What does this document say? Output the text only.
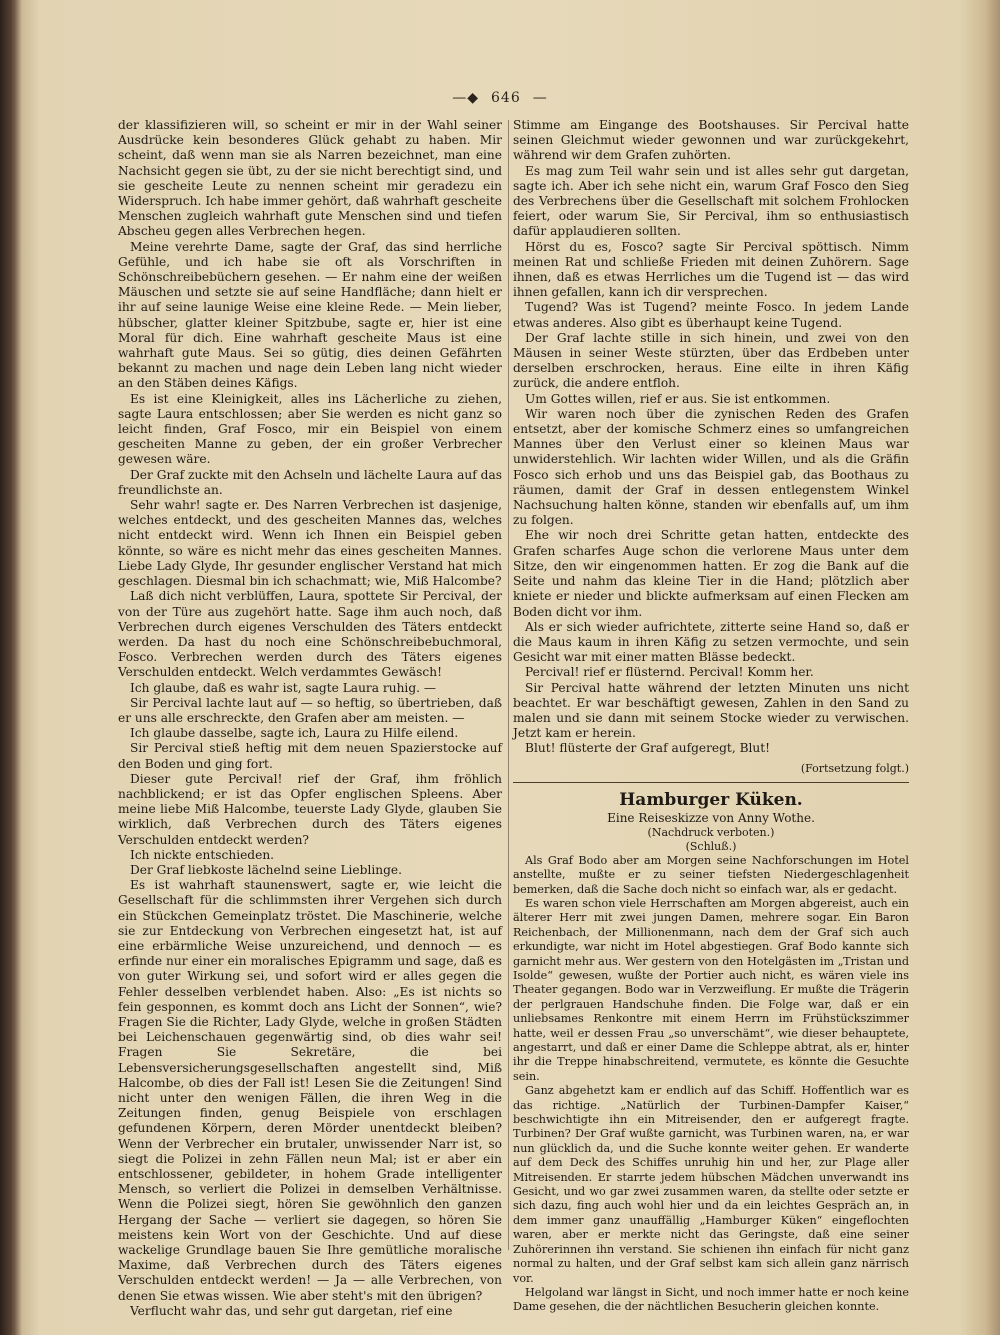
—◆ 646 —

der klassifizieren will, so scheint er mir in der Wahl seiner Ausdrücke kein besonderes Glück gehabt zu haben. Mir scheint, daß wenn man sie als Narren bezeichnet, man eine Nachsicht gegen sie übt, zu der sie nicht berechtigt sind, und sie gescheite Leute zu nennen scheint mir geradezu ein Widerspruch. Ich habe immer gehört, daß wahrhaft gescheite Menschen zugleich wahrhaft gute Menschen sind und tiefen Abscheu gegen alles Verbrechen hegen.

Meine verehrte Dame, sagte der Graf, das sind herrliche Gefühle, und ich habe sie oft als Vorschriften in Schönschreibebüchern gesehen. — Er nahm eine der weißen Mäuschen und setzte sie auf seine Handfläche; dann hielt er ihr auf seine launige Weise eine kleine Rede. — Mein lieber, hübscher, glatter kleiner Spitzbube, sagte er, hier ist eine Moral für dich. Eine wahrhaft gescheite Maus ist eine wahrhaft gute Maus. Sei so gütig, dies deinen Gefährten bekannt zu machen und nage dein Leben lang nicht wieder an den Stäben deines Käfigs.

Es ist eine Kleinigkeit, alles ins Lächerliche zu ziehen, sagte Laura entschlossen; aber Sie werden es nicht ganz so leicht finden, Graf Fosco, mir ein Beispiel von einem gescheiten Manne zu geben, der ein großer Verbrecher gewesen wäre.

Der Graf zuckte mit den Achseln und lächelte Laura auf das freundlichste an.

Sehr wahr! sagte er. Des Narren Verbrechen ist dasjenige, welches entdeckt, und des gescheiten Mannes das, welches nicht entdeckt wird. Wenn ich Ihnen ein Beispiel geben könnte, so wäre es nicht mehr das eines gescheiten Mannes. Liebe Lady Glyde, Ihr gesunder englischer Verstand hat mich geschlagen. Diesmal bin ich schachmatt; wie, Miß Halcombe?

Laß dich nicht verblüffen, Laura, spottete Sir Percival, der von der Türe aus zugehört hatte. Sage ihm auch noch, daß Verbrechen durch eigenes Verschulden des Täters entdeckt werden. Da hast du noch eine Schönschreibebuchmoral, Fosco. Verbrechen werden durch des Täters eigenes Verschulden entdeckt. Welch verdammtes Gewäsch!

Ich glaube, daß es wahr ist, sagte Laura ruhig. —

Sir Percival lachte laut auf — so heftig, so übertrieben, daß er uns alle erschreckte, den Grafen aber am meisten. —

Ich glaube dasselbe, sagte ich, Laura zu Hilfe eilend.

Sir Percival stieß heftig mit dem neuen Spazierstocke auf den Boden und ging fort.

Dieser gute Percival! rief der Graf, ihm fröhlich nachblickend; er ist das Opfer englischen Spleens. Aber meine liebe Miß Halcombe, teuerste Lady Glyde, glauben Sie wirklich, daß Verbrechen durch des Täters eigenes Verschulden entdeckt werden?

Ich nickte entschieden.

Der Graf liebkoste lächelnd seine Lieblinge.

Es ist wahrhaft staunenswert, sagte er, wie leicht die Gesellschaft für die schlimmsten ihrer Vergehen sich durch ein Stückchen Gemeinplatz tröstet. Die Maschinerie, welche sie zur Entdeckung von Verbrechen eingesetzt hat, ist auf eine erbärmliche Weise unzureichend, und dennoch — es erfinde nur einer ein moralisches Epigramm und sage, daß es von guter Wirkung sei, und sofort wird er alles gegen die Fehler desselben verblendet haben. Also: „Es ist nichts so fein gesponnen, es kommt doch ans Licht der Sonnen“, wie? Fragen Sie die Richter, Lady Glyde, welche in großen Städten bei Leichenschauen gegenwärtig sind, ob dies wahr sei! Fragen Sie Sekretäre, die bei Lebensversicherungsgesellschaften angestellt sind, Miß Halcombe, ob dies der Fall ist! Lesen Sie die Zeitungen! Sind nicht unter den wenigen Fällen, die ihren Weg in die Zeitungen finden, genug Beispiele von erschlagen gefundenen Körpern, deren Mörder unentdeckt bleiben? Wenn der Verbrecher ein brutaler, unwissender Narr ist, so siegt die Polizei in zehn Fällen neun Mal; ist er aber ein entschlossener, gebildeter, in hohem Grade intelligenter Mensch, so verliert die Polizei in demselben Verhältnisse. Wenn die Polizei siegt, hören Sie gewöhnlich den ganzen Hergang der Sache — verliert sie dagegen, so hören Sie meistens kein Wort von der Geschichte. Und auf diese wackelige Grundlage bauen Sie Ihre gemütliche moralische Maxime, daß Verbrechen durch des Täters eigenes Verschulden entdeckt werden! — Ja — alle Verbrechen, von denen Sie etwas wissen. Wie aber steht's mit den übrigen?

Verflucht wahr das, und sehr gut dargetan, rief eine

Stimme am Eingange des Bootshauses. Sir Percival hatte seinen Gleichmut wieder gewonnen und war zurückgekehrt, während wir dem Grafen zuhörten.

Es mag zum Teil wahr sein und ist alles sehr gut dargetan, sagte ich. Aber ich sehe nicht ein, warum Graf Fosco den Sieg des Verbrechens über die Gesellschaft mit solchem Frohlocken feiert, oder warum Sie, Sir Percival, ihm so enthusiastisch dafür applaudieren sollten.

Hörst du es, Fosco? sagte Sir Percival spöttisch. Nimm meinen Rat und schließe Frieden mit deinen Zuhörern. Sage ihnen, daß es etwas Herrliches um die Tugend ist — das wird ihnen gefallen, kann ich dir versprechen.

Tugend? Was ist Tugend? meinte Fosco. In jedem Lande etwas anderes. Also gibt es überhaupt keine Tugend.

Der Graf lachte stille in sich hinein, und zwei von den Mäusen in seiner Weste stürzten, über das Erdbeben unter derselben erschrocken, heraus. Eine eilte in ihren Käfig zurück, die andere entfloh.

Um Gottes willen, rief er aus. Sie ist entkommen.

Wir waren noch über die zynischen Reden des Grafen entsetzt, aber der komische Schmerz eines so umfangreichen Mannes über den Verlust einer so kleinen Maus war unwiderstehlich. Wir lachten wider Willen, und als die Gräfin Fosco sich erhob und uns das Beispiel gab, das Boothaus zu räumen, damit der Graf in dessen entlegenstem Winkel Nachsuchung halten könne, standen wir ebenfalls auf, um ihm zu folgen.

Ehe wir noch drei Schritte getan hatten, entdeckte des Grafen scharfes Auge schon die verlorene Maus unter dem Sitze, den wir eingenommen hatten. Er zog die Bank auf die Seite und nahm das kleine Tier in die Hand; plötzlich aber kniete er nieder und blickte aufmerksam auf einen Flecken am Boden dicht vor ihm.

Als er sich wieder aufrichtete, zitterte seine Hand so, daß er die Maus kaum in ihren Käfig zu setzen vermochte, und sein Gesicht war mit einer matten Blässe bedeckt.

Percival! rief er flüsternd. Percival! Komm her.

Sir Percival hatte während der letzten Minuten uns nicht beachtet. Er war beschäftigt gewesen, Zahlen in den Sand zu malen und sie dann mit seinem Stocke wieder zu verwischen. Jetzt kam er herein.

Blut! flüsterte der Graf aufgeregt, Blut!

(Fortsetzung folgt.)

Hamburger Küken.
Eine Reiseskizze von Anny Wothe.
(Nachdruck verboten.)
(Schluß.)

Als Graf Bodo aber am Morgen seine Nachforschungen im Hotel anstellte, mußte er zu seiner tiefsten Niedergeschlagenheit bemerken, daß die Sache doch nicht so einfach war, als er gedacht.

Es waren schon viele Herrschaften am Morgen abgereist, auch ein älterer Herr mit zwei jungen Damen, mehrere sogar. Ein Baron Reichenbach, der Millionenmann, nach dem der Graf sich auch erkundigte, war nicht im Hotel abgestiegen. Graf Bodo kannte sich garnicht mehr aus. Wer gestern von den Hotelgästen im „Tristan und Isolde“ gewesen, wußte der Portier auch nicht, es wären viele ins Theater gegangen. Bodo war in Verzweiflung. Er mußte die Trägerin der perlgrauen Handschuhe finden. Die Folge war, daß er ein unliebsames Renkontre mit einem Herrn im Frühstückszimmer hatte, weil er dessen Frau „so unverschämt“, wie dieser behauptete, angestarrt, und daß er einer Dame die Schleppe abtrat, als er, hinter ihr die Treppe hinabschreitend, vermutete, es könnte die Gesuchte sein.

Ganz abgehetzt kam er endlich auf das Schiff. Hoffentlich war es das richtige. „Natürlich der Turbinen-Dampfer Kaiser,“ beschwichtigte ihn ein Mitreisender, den er aufgeregt fragte. Turbinen? Der Graf wußte garnicht, was Turbinen waren, na, er war nun glücklich da, und die Suche konnte weiter gehen. Er wanderte auf dem Deck des Schiffes unruhig hin und her, zur Plage aller Mitreisenden. Er starrte jedem hübschen Mädchen unverwandt ins Gesicht, und wo gar zwei zusammen waren, da stellte oder setzte er sich dazu, fing auch wohl hier und da ein leichtes Gespräch an, in dem immer ganz unauffällig „Hamburger Küken“ eingeflochten waren, aber er merkte nicht das Geringste, daß eine seiner Zuhörerinnen ihn verstand. Sie schienen ihn einfach für nicht ganz normal zu halten, und der Graf selbst kam sich allein ganz närrisch vor.

Helgoland war längst in Sicht, und noch immer hatte er noch keine Dame gesehen, die der nächtlichen Besucherin gleichen konnte.
